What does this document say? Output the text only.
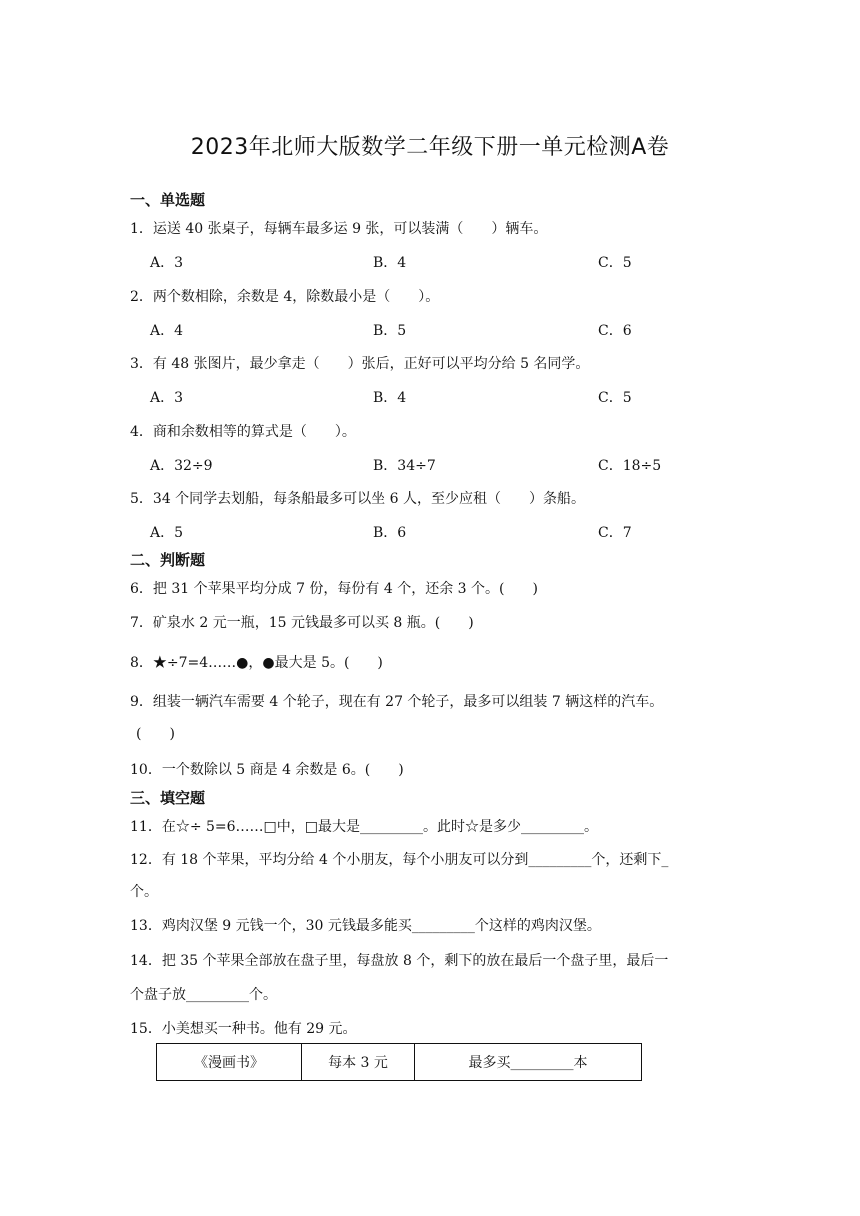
2023年北师大版数学二年级下册一单元检测A卷
一、单选题
1．运送 40 张桌子，每辆车最多运 9 张，可以装满（　　）辆车。
A．3	B．4	C．5
2．两个数相除，余数是 4，除数最小是（　　）。
A．4	B．5	C．6
3．有 48 张图片，最少拿走（　　）张后，正好可以平均分给 5 名同学。
A．3	B．4	C．5
4．商和余数相等的算式是（　　）。
A．32÷9	B．34÷7	C．18÷5
5．34 个同学去划船，每条船最多可以坐 6 人，至少应租（　　）条船。
A．5	B．6	C．7
二、判断题
6．把 31 个苹果平均分成 7 份，每份有 4 个，还余 3 个。(　　)
7．矿泉水 2 元一瓶，15 元钱最多可以买 8 瓶。(　　)
8．★÷7=4……●，●最大是 5。(　　)
9．组装一辆汽车需要 4 个轮子，现在有 27 个轮子，最多可以组装 7 辆这样的汽车。
(　　)
10．一个数除以 5 商是 4 余数是 6。(　　)
三、填空题
11．在☆÷ 5=6……□中，□最大是_________。此时☆是多少_________。
12．有 18 个苹果，平均分给 4 个小朋友，每个小朋友可以分到_________个，还剩下_
个。
13．鸡肉汉堡 9 元钱一个，30 元钱最多能买_________个这样的鸡肉汉堡。
14．把 35 个苹果全部放在盘子里，每盘放 8 个，剩下的放在最后一个盘子里，最后一
个盘子放_________个。
15．小美想买一种书。他有 29 元。
《漫画书》	每本 3 元	最多买_________本
